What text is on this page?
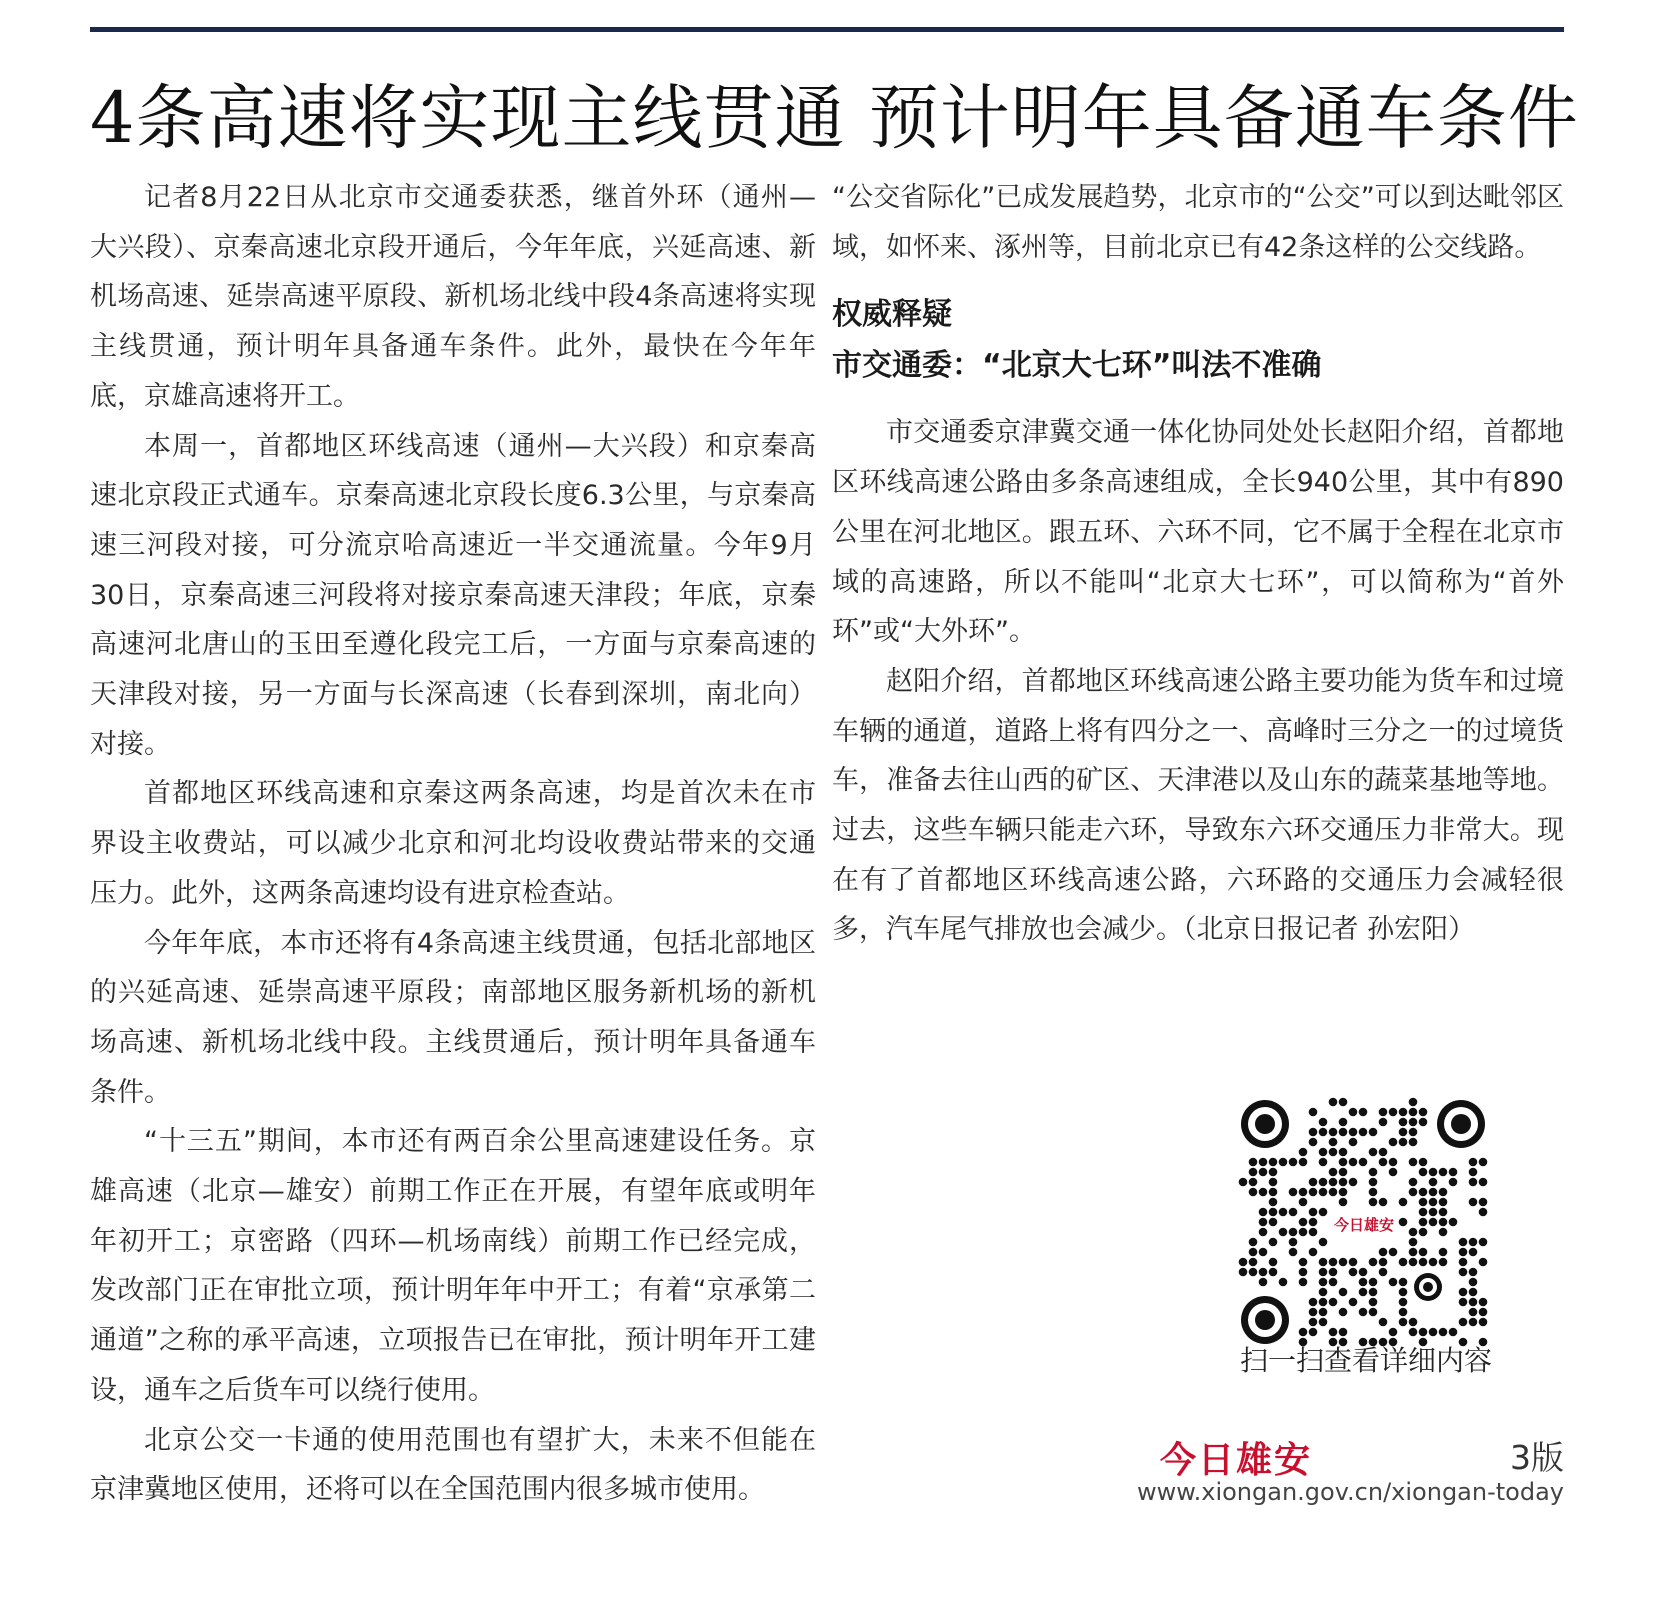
4条高速将实现主线贯通 预计明年具备通车条件

记者8月22日从北京市交通委获悉，继首外环（通州—大兴段）、京秦高速北京段开通后，今年年底，兴延高速、新机场高速、延崇高速平原段、新机场北线中段4条高速将实现主线贯通，预计明年具备通车条件。此外，最快在今年年底，京雄高速将开工。

本周一，首都地区环线高速（通州—大兴段）和京秦高速北京段正式通车。京秦高速北京段长度6.3公里，与京秦高速三河段对接，可分流京哈高速近一半交通流量。今年9月30日，京秦高速三河段将对接京秦高速天津段；年底，京秦高速河北唐山的玉田至遵化段完工后，一方面与京秦高速的天津段对接，另一方面与长深高速（长春到深圳，南北向）对接。

首都地区环线高速和京秦这两条高速，均是首次未在市界设主收费站，可以减少北京和河北均设收费站带来的交通压力。此外，这两条高速均设有进京检查站。

今年年底，本市还将有4条高速主线贯通，包括北部地区的兴延高速、延崇高速平原段；南部地区服务新机场的新机场高速、新机场北线中段。主线贯通后，预计明年具备通车条件。

“十三五”期间，本市还有两百余公里高速建设任务。京雄高速（北京—雄安）前期工作正在开展，有望年底或明年年初开工；京密路（四环—机场南线）前期工作已经完成，发改部门正在审批立项，预计明年年中开工；有着“京承第二通道”之称的承平高速，立项报告已在审批，预计明年开工建设，通车之后货车可以绕行使用。

北京公交一卡通的使用范围也有望扩大，未来不但能在京津冀地区使用，还将可以在全国范围内很多城市使用。

“公交省际化”已成发展趋势，北京市的“公交”可以到达毗邻区域，如怀来、涿州等，目前北京已有42条这样的公交线路。

权威释疑
市交通委：“北京大七环”叫法不准确

市交通委京津冀交通一体化协同处处长赵阳介绍，首都地区环线高速公路由多条高速组成，全长940公里，其中有890公里在河北地区。跟五环、六环不同，它不属于全程在北京市域的高速路，所以不能叫“北京大七环”，可以简称为“首外环”或“大外环”。

赵阳介绍，首都地区环线高速公路主要功能为货车和过境车辆的通道，道路上将有四分之一、高峰时三分之一的过境货车，准备去往山西的矿区、天津港以及山东的蔬菜基地等地。过去，这些车辆只能走六环，导致东六环交通压力非常大。现在有了首都地区环线高速公路，六环路的交通压力会减轻很多，汽车尾气排放也会减少。（北京日报记者 孙宏阳）

今日雄安
扫一扫查看详细内容
今日雄安	3版
www.xiongan.gov.cn/xiongan-today
